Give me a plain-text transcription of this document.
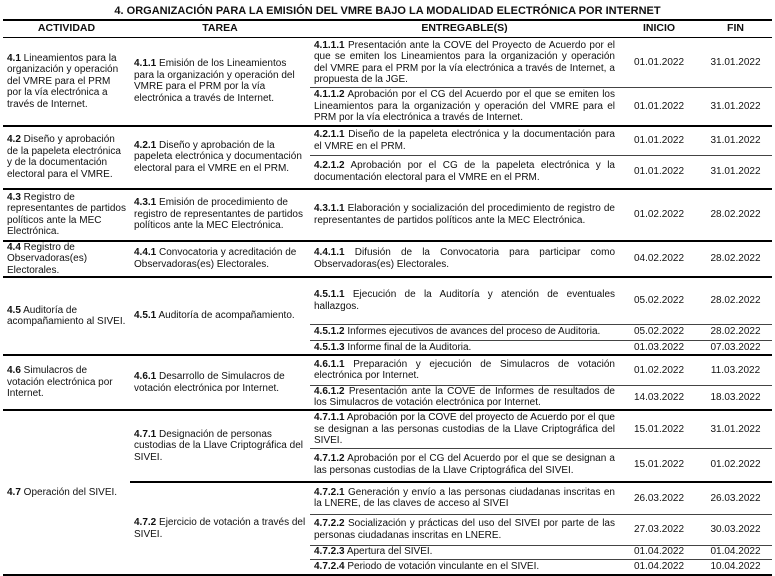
4. ORGANIZACIÓN PARA LA EMISIÓN DEL VMRE BAJO LA MODALIDAD ELECTRÓNICA POR INTERNET				
ACTIVIDAD	TAREA	ENTREGABLE(S)	INICIO	FIN
4.1 Lineamientos para la organización y operación del VMRE para el PRM por la vía electrónica a través de Internet.	4.1.1 Emisión de los Lineamientos para la organización y operación del VMRE para el PRM por la vía electrónica a través de Internet.	4.1.1.1 Presentación ante la COVE del Proyecto de Acuerdo por el que se emiten los Lineamientos para la organización y operación del VMRE para el PRM por la vía electrónica a través de Internet, a propuesta de la JGE.	01.01.2022	31.01.2022
		4.1.1.2 Aprobación por el CG del Acuerdo por el que se emiten los Lineamientos para la organización y operación del VMRE para el PRM por la vía electrónica a través de Internet.	01.01.2022	31.01.2022
4.2 Diseño y aprobación de la papeleta electrónica y de la documentación electoral para el VMRE.	4.2.1 Diseño y aprobación de la papeleta electrónica y documentación electoral para el VMRE en el PRM.	4.2.1.1 Diseño de la papeleta electrónica y la documentación para el VMRE en el PRM.	01.01.2022	31.01.2022
		4.2.1.2 Aprobación por el CG de la papeleta electrónica y la documentación electoral para el VMRE en el PRM.	01.01.2022	31.01.2022
4.3 Registro de representantes de partidos políticos ante la MEC Electrónica.	4.3.1 Emisión de procedimiento de registro de representantes de partidos políticos ante la MEC Electrónica.	4.3.1.1 Elaboración y socialización del procedimiento de registro de representantes de partidos políticos ante la MEC Electrónica.	01.02.2022	28.02.2022
4.4 Registro de Observadoras(es) Electorales.	4.4.1 Convocatoria y acreditación de Observadoras(es) Electorales.	4.4.1.1 Difusión de la Convocatoria para participar como Observadoras(es) Electorales.	04.02.2022	28.02.2022
4.5 Auditoría de acompañamiento al SIVEI.	4.5.1 Auditoría de acompañamiento.	4.5.1.1 Ejecución de la Auditoría y atención de eventuales hallazgos.	05.02.2022	28.02.2022
		4.5.1.2 Informes ejecutivos de avances del proceso de Auditoria.	05.02.2022	28.02.2022
		4.5.1.3 Informe final de la Auditoria.	01.03.2022	07.03.2022
4.6 Simulacros de votación electrónica por Internet.	4.6.1 Desarrollo de Simulacros de votación electrónica por Internet.	4.6.1.1 Preparación y ejecución de Simulacros de votación electrónica por Internet.	01.02.2022	11.03.2022
		4.6.1.2 Presentación ante la COVE de Informes de resultados de los Simulacros de votación electrónica por Internet.	14.03.2022	18.03.2022
4.7 Operación del SIVEI.	4.7.1 Designación de personas custodias de la Llave Criptográfica del SIVEI.	4.7.1.1 Aprobación por la COVE del proyecto de Acuerdo por el que se designan a las personas custodias de la Llave Criptográfica del SIVEI.	15.01.2022	31.01.2022
		4.7.1.2 Aprobación por el CG del Acuerdo por el que se designan a las personas custodias de la Llave Criptográfica del SIVEI.	15.01.2022	01.02.2022
	4.7.2 Ejercicio de votación a través del SIVEI.	4.7.2.1 Generación y envío a las personas ciudadanas inscritas en la LNERE, de las claves de acceso al SIVEI	26.03.2022	26.03.2022
		4.7.2.2 Socialización y prácticas del uso del SIVEI por parte de las personas ciudadanas inscritas en LNERE.	27.03.2022	30.03.2022
		4.7.2.3 Apertura del SIVEI.	01.04.2022	01.04.2022
		4.7.2.4 Periodo de votación vinculante en el SIVEI.	01.04.2022	10.04.2022
